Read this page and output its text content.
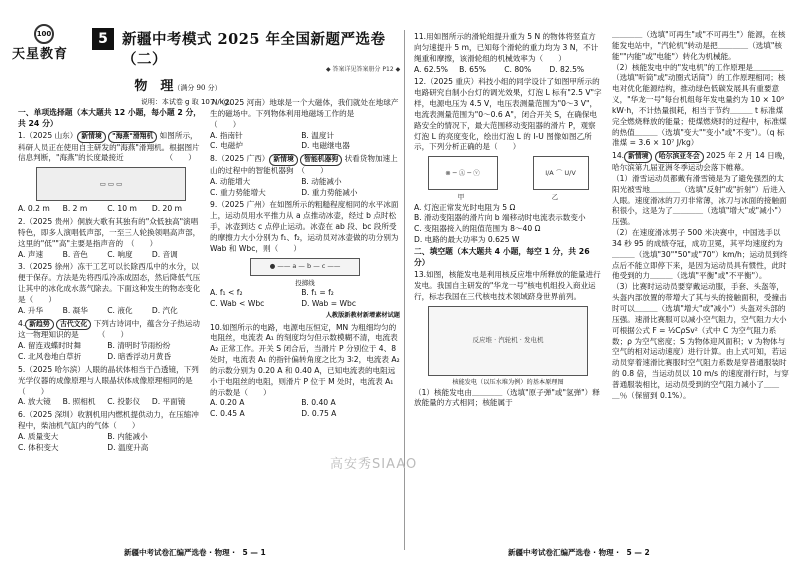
100
天星教育
5 新疆中考模式 2025 年全国新题严选卷（二）
◆ 答案详见答案册分 P12 ◆
物　理（满分 90 分）
说明：本试卷 g 取 10 N/kg。
一、单项选择题（本大题共 12 小题，每小题 2 分，共 24 分）
1.（2025 山东） 新情境 "海燕"滑翔机 如图所示，科研人员正在使用自主研发的"海燕"滑翔机。根据图片信息判断，"海燕"的长度最接近　　　　　　（　　）
▭ ▭ ▭
A. 0.2 m	B. 2 m	C. 10 m	D. 20 m
2.（2025 贵州）侗族大歌有其独有的"众低独高"演唱特色，即多人演唱低声部，一至三人轮换领唱高声部，这里的"低""高"主要是指声音的　（　　）
A. 声速	B. 音色	C. 响度	D. 音调
3.（2025 徐州）冻干工艺可以长除西瓜中的水分，以便于保存。方法是先将西瓜冷冻成固态，然后降低气压让其中的冰化成水蒸气除去。下面这种发生的物态变化是（　　）
A. 升华	B. 凝华	C. 液化	D. 汽化
4. 新趋势 古代文化 下列古诗词中，蕴含分子热运动这一物理知识的是　　　（　　）
A. 留连戏蝶时时舞	B. 清明时节雨纷纷
C. 北风卷地白草折	D. 暗香浮动月黄昏
5.（2025 哈尔滨）人眼的晶状体相当于凸透镜，下列光学仪器的成像原理与人眼晶状体成像原理相同的是（　　）
A. 放大镜	B. 照相机	C. 投影仪	D. 平面镜
6.（2025 深圳）收割机用内燃机提供动力，在压缩冲程中，柴油机气缸内的气体（　　）
A. 质量变大	B. 内能减小
C. 体积变大	D. 温度升高
7.（2025 河南）地球是一个大磁体，我们就处在地球产生的磁场中。下列物体利用地磁场工作的是　　　　　　　（　　）
A. 指南针	B. 温度计
C. 电磁炉	D. 电磁继电器
8.（2025 广西） 新情境 智能机器狗 状看货物加速上山的过程中的智能机器狗　（　　）
A. 动能增大	B. 动能减小
C. 重力势能增大	D. 重力势能减小
9.（2025 广州）在如图所示的粗糙程度相同的水平冰面上，运动员用水平推力从 a 点推动冰壶，经过 b 点时松手，冰壶到达 c 点停止运动。冰壶在 ab 段、bc 段所受的摩擦力大小分别为 f₁、f₂，运动员对冰壶做的功分别为 Wab 和 Wbc，则（　　）
● —— a — b — c ——
投掷线
A. f₁ < f₂	B. f₁ = f₂
C. Wab < Wbc	D. Wab = Wbc
人教版新教材新增素材试题
10.如图所示的电路，电源电压恒定，MN 为粗细均匀的电阻丝，电流表 A₁ 的刻度均匀但示数模糊不清，电流表 A₂ 正常工作。开关 S 闭合后，当滑片 P 分别位于 4、8 处时，电流表 A₁ 的指针偏转角度之比为 3∶2，电流表 A₂ 的示数分别为 0.20 A 和 0.40 A，已知电流表的电阻远小于电阻丝的电阻，则滑片 P 位于 M 处时，电流表 A₁ 的示数是（　　）
A. 0.20 A	B. 0.40 A
C. 0.45 A	D. 0.75 A
11.用如图所示的滑轮组提升重为 5 N 的物体将竖直方向匀速提升 5 m，已知每个滑轮的重力均为 3 N，不计绳重和摩擦，该滑轮组的机械效率为（　　）
A. 62.5%	B. 65%	C. 80%	D. 82.5%
12.（2025 重庆）科技小组的同学设计了如图甲所示的电路研究自制小台灯的调光效果，灯泡 L 标有"2.5 V"字样，电源电压为 4.5 V，电压表测量范围为"0～3 V"，电流表测量范围为"0～0.6 A"，闭合开关 S，在确保电路安全的情况下，最大范围移动变阻器的滑片 P，观察灯泡 L 的亮度变化，绘出灯泡 L 的 I-U 图像如图乙所示，下列分析正确的是（　　）
⊗ ─ Ⓐ ─ ⓥ	I/A ⌒ U/V
甲	乙
A. 灯泡正常发光时电阻为 5 Ω
B. 滑动变阻器的滑片向 b 端移动时电流表示数变小
C. 变阻器接入的阻值范围为 8～40 Ω
D. 电路的最大功率为 0.625 W
二、填空题（本大题共 4 小题，每空 1 分，共 26 分）
13.如图，核能发电是利用核反应堆中所释放的能量进行发电。我国自主研发的"华龙一号"核电机组投入商业运行，标志我国在三代核电技术领域跻身世界前列。
反应堆 · 汽轮机 · 发电机
核能发电（以压水堆为例）的基本原理图
（1）核能发电由＿＿＿＿（选填"原子弹"或"氢弹"）释放能量的方式相同；核能属于
＿＿＿＿（选填"可再生"或"不可再生"）能源，在核能发电站中，"汽轮机"转动是把＿＿＿＿（选填"核能""内能"或"电能"）转化为机械能。
（2）核能发电中的"发电机"的工作原理是＿＿＿＿（选填"听筒"或"动圈式话筒"）的工作原理相同；核电对优化能源结构，推动绿色低碳发展具有重要意义，"华龙一号"每台机组每年发电量约为 10 × 10⁹ kW·h，不计热量损耗，相当于节约＿＿＿ t 标准煤完全燃烧释放的能量；使煤燃烧时的过程中，标准煤的热值＿＿＿（选填"变大""变小"或"不变"）。（q 标准煤 = 3.6 × 10⁷ J/kg）
14. 新情境 哈尔滨亚冬会 2025 年 2 月 14 日晚，哈尔滨第九届亚洲冬季运动会落下帷幕。
（1）滑雪运动员都戴有滑雪镜是为了避免强烈的太阳光被雪地＿＿＿＿（选填"反射"或"折射"）后进入人眼。速度滑冰的刀刃非常薄，冰刀与冰面的接触面积很小，这是为了＿＿＿＿（选填"增大"或"减小"）压强。
（2）在速度滑冰男子 500 米决赛中，中国选手以 34 秒 95 的成绩夺冠，成功卫冕，其平均速度约为＿＿＿（选填"30""50"或"70"）km/h；运动员到终点后不能立即停下来，是因为运动员具有惯性，此时他受到的力＿＿＿（选填"平衡"或"不平衡"）。
（3）比赛时运动员要穿戴运动服，手套、头盔等，头盔内部放置的带增大了其与头的接触面积，受撞击时可以＿＿＿（选填"增大"或"减小"）头盔对头部的压强。速滑比赛服可以减小空气阻力，空气阻力大小可根据公式 F = ½CρSv²（式中 C 为空气阻力系数；ρ 为空气密度；S 为物体迎风面积；v 为物体与空气的相对运动速度）进行计算。由上式可知，若运动员穿着速滑比赛服时空气阻力系数是穿普通服装时的 0.8 倍，当运动员以 10 m/s 的速度滑行时，与穿普通服装相比，运动员受到的空气阻力减小了＿＿＿％（保留到 0.1%）。
高安秀SIAAO
新疆中考试卷汇编严选卷 · 物理 ·　5 — 1	新疆中考试卷汇编严选卷 · 物理 ·　5 — 2
